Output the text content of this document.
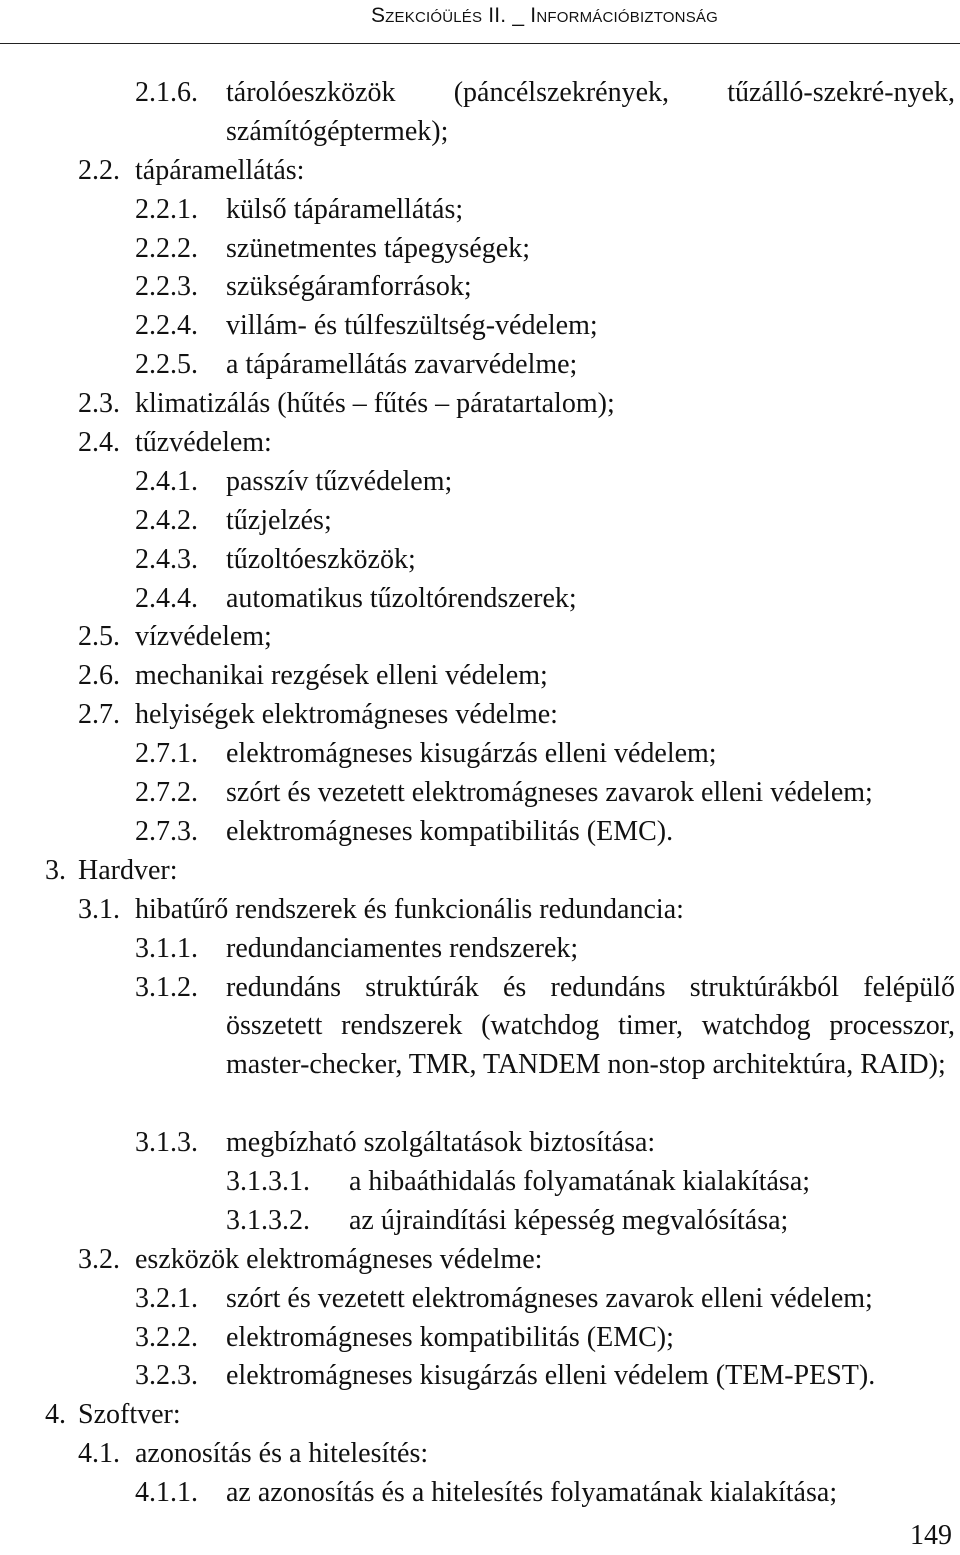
Szekcióülés II. _ Információbiztonság
2.1.6. tárolóeszközök (páncélszekrények, tűzálló-szekré-nyek, számítógéptermek);
2.2. tápáramellátás:
2.2.1. külső tápáramellátás;
2.2.2. szünetmentes tápegységek;
2.2.3. szükségáramforrások;
2.2.4. villám- és túlfeszültség-védelem;
2.2.5. a tápáramellátás zavarvédelme;
2.3. klimatizálás (hűtés – fűtés – páratartalom);
2.4. tűzvédelem:
2.4.1. passzív tűzvédelem;
2.4.2. tűzjelzés;
2.4.3. tűzoltóeszközök;
2.4.4. automatikus tűzoltórendszerek;
2.5. vízvédelem;
2.6. mechanikai rezgések elleni védelem;
2.7. helyiségek elektromágneses védelme:
2.7.1. elektromágneses kisugárzás elleni védelem;
2.7.2. szórt és vezetett elektromágneses zavarok elleni védelem;
2.7.3. elektromágneses kompatibilitás (EMC).
3. Hardver:
3.1. hibatűrő rendszerek és funkcionális redundancia:
3.1.1. redundanciamentes rendszerek;
3.1.2. redundáns struktúrák és redundáns struktúrákból felépülő összetett rendszerek (watchdog timer, watchdog processzor, master-checker, TMR, TANDEM non-stop architektúra, RAID);
3.1.3. megbízható szolgáltatások biztosítása:
3.1.3.1. a hibaáthidalás folyamatának kialakítása;
3.1.3.2. az újraindítási képesség megvalósítása;
3.2. eszközök elektromágneses védelme:
3.2.1. szórt és vezetett elektromágneses zavarok elleni védelem;
3.2.2. elektromágneses kompatibilitás (EMC);
3.2.3. elektromágneses kisugárzás elleni védelem (TEM-PEST).
4. Szoftver:
4.1. azonosítás és a hitelesítés:
4.1.1. az azonosítás és a hitelesítés folyamatának kialakítása;
149
